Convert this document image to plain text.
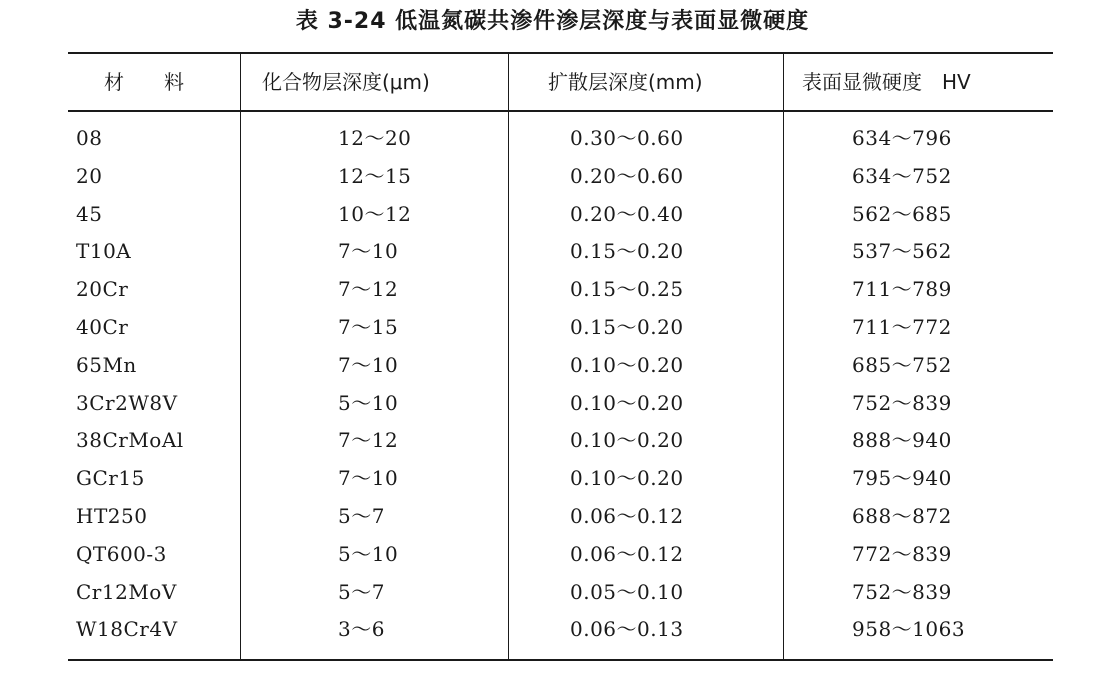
表 3-24 低温氮碳共渗件渗层深度与表面显微硬度
材　　料	化合物层深度(μm)	扩散层深度(mm)	表面显微硬度　HV
08	12～20	0.30～0.60	634～796
20	12～15	0.20～0.60	634～752
45	10～12	0.20～0.40	562～685
T10A	7～10	0.15～0.20	537～562
20Cr	7～12	0.15～0.25	711～789
40Cr	7～15	0.15～0.20	711～772
65Mn	7～10	0.10～0.20	685～752
3Cr2W8V	5～10	0.10～0.20	752～839
38CrMoAl	7～12	0.10～0.20	888～940
GCr15	7～10	0.10～0.20	795～940
HT250	5～7	0.06～0.12	688～872
QT600-3	5～10	0.06～0.12	772～839
Cr12MoV	5～7	0.05～0.10	752～839
W18Cr4V	3～6	0.06～0.13	958～1063
